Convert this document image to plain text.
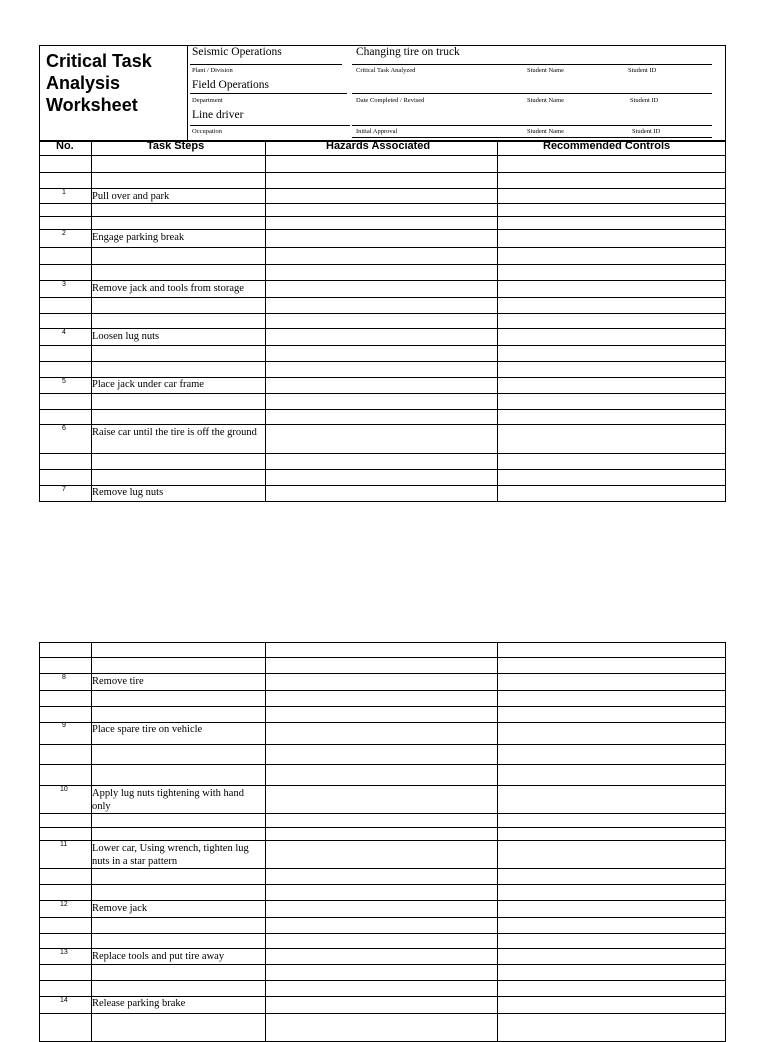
Critical Task
Analysis
Worksheet
Seismic Operations	Changing tire on truck
Plant / Division
Field Operations
Critical Task Analyzed	Student Name	Student ID
Department
Line driver
Date Completed / Revised	Student Name	Student ID
Occupation	Initial Approval	Student Name	Student ID
No.	Task Steps	Hazards Associated	Recommended Controls
1 Pull over and park
2 Engage parking break
3 Remove jack and tools from storage
4 Loosen lug nuts
5 Place jack under car frame
6 Raise car until the tire is off the ground
7 Remove lug nuts
8 Remove tire
9 Place spare tire on vehicle
10 Apply lug nuts tightening with hand only
11 Lower car, Using wrench, tighten lug nuts in a star pattern
12 Remove jack
13 Replace tools and put tire away
14 Release parking brake
